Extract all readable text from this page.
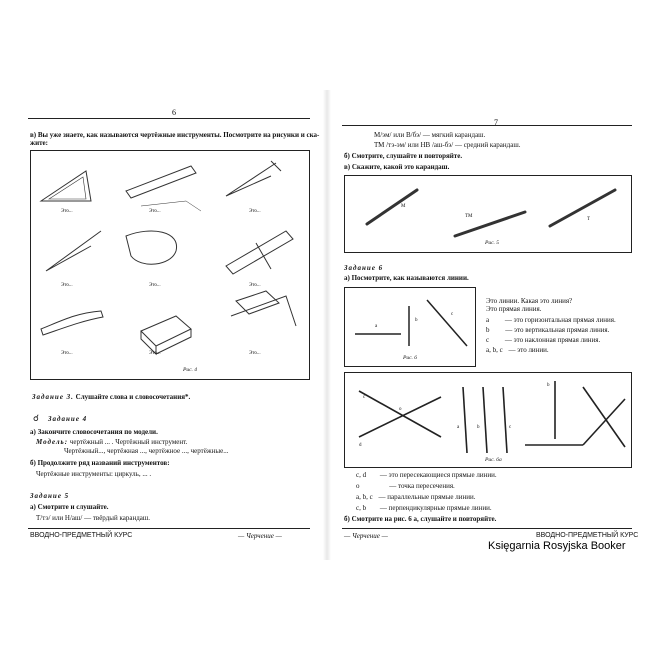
6
в) Вы уже знаете, как называются чертёжные инструменты. Посмотрите на рисунки и ска-
жите:
Это...	Это...	Это...
Это...	Это...	Это...
Это...	Это...	Это...
Рис. 4
Задание 3. Слушайте слова и словосочетания*.
Задание 4
☌
а) Закончите словосочетания по модели.
Модель: чертёжный ... . Чертёжный инструмент.
Чертёжный..., чертёжная ..., чертёжное ..., чертёжные...
б) Продолжите ряд названий инструментов:
Чертёжные инструменты: циркуль, ... .
Задание 5
а) Смотрите и слушайте.
Т/тэ/ или Н/аш/ — твёрдый карандаш.
ВВОДНО-ПРЕДМЕТНЫЙ КУРС	— Черчение —
7
М/эм/ или В/бэ/ — мягкий карандаш.
ТМ /тэ-эм/ или НВ /аш-бэ/ — средний карандаш.
б) Смотрите, слушайте и повторяйте.
в) Скажите, какой это карандаш.
М
ТМ
Т
Рис. 5
Задание 6
а) Посмотрите, как называются линии.
a
b
c
Рис. 6
Это линии. Какая это линия?
Это прямая линия.
a — это горизонтальная прямая линия.
b — это вертикальная прямая линия.
c — это наклонная прямая линия.
a, b, c — это линии.
c
d
o
a	b
b
c
Рис. 6а
c, d — это пересекающиеся прямые линии.
o	— точка пересечения.
a, b, c — параллельные прямые линии.
c, b — перпендикулярные прямые линии.
б) Смотрите на рис. 6 а, слушайте и повторяйте.
— Черчение —	ВВОДНО-ПРЕДМЕТНЫЙ КУРС
Księgarnia Rosyjska Booker
